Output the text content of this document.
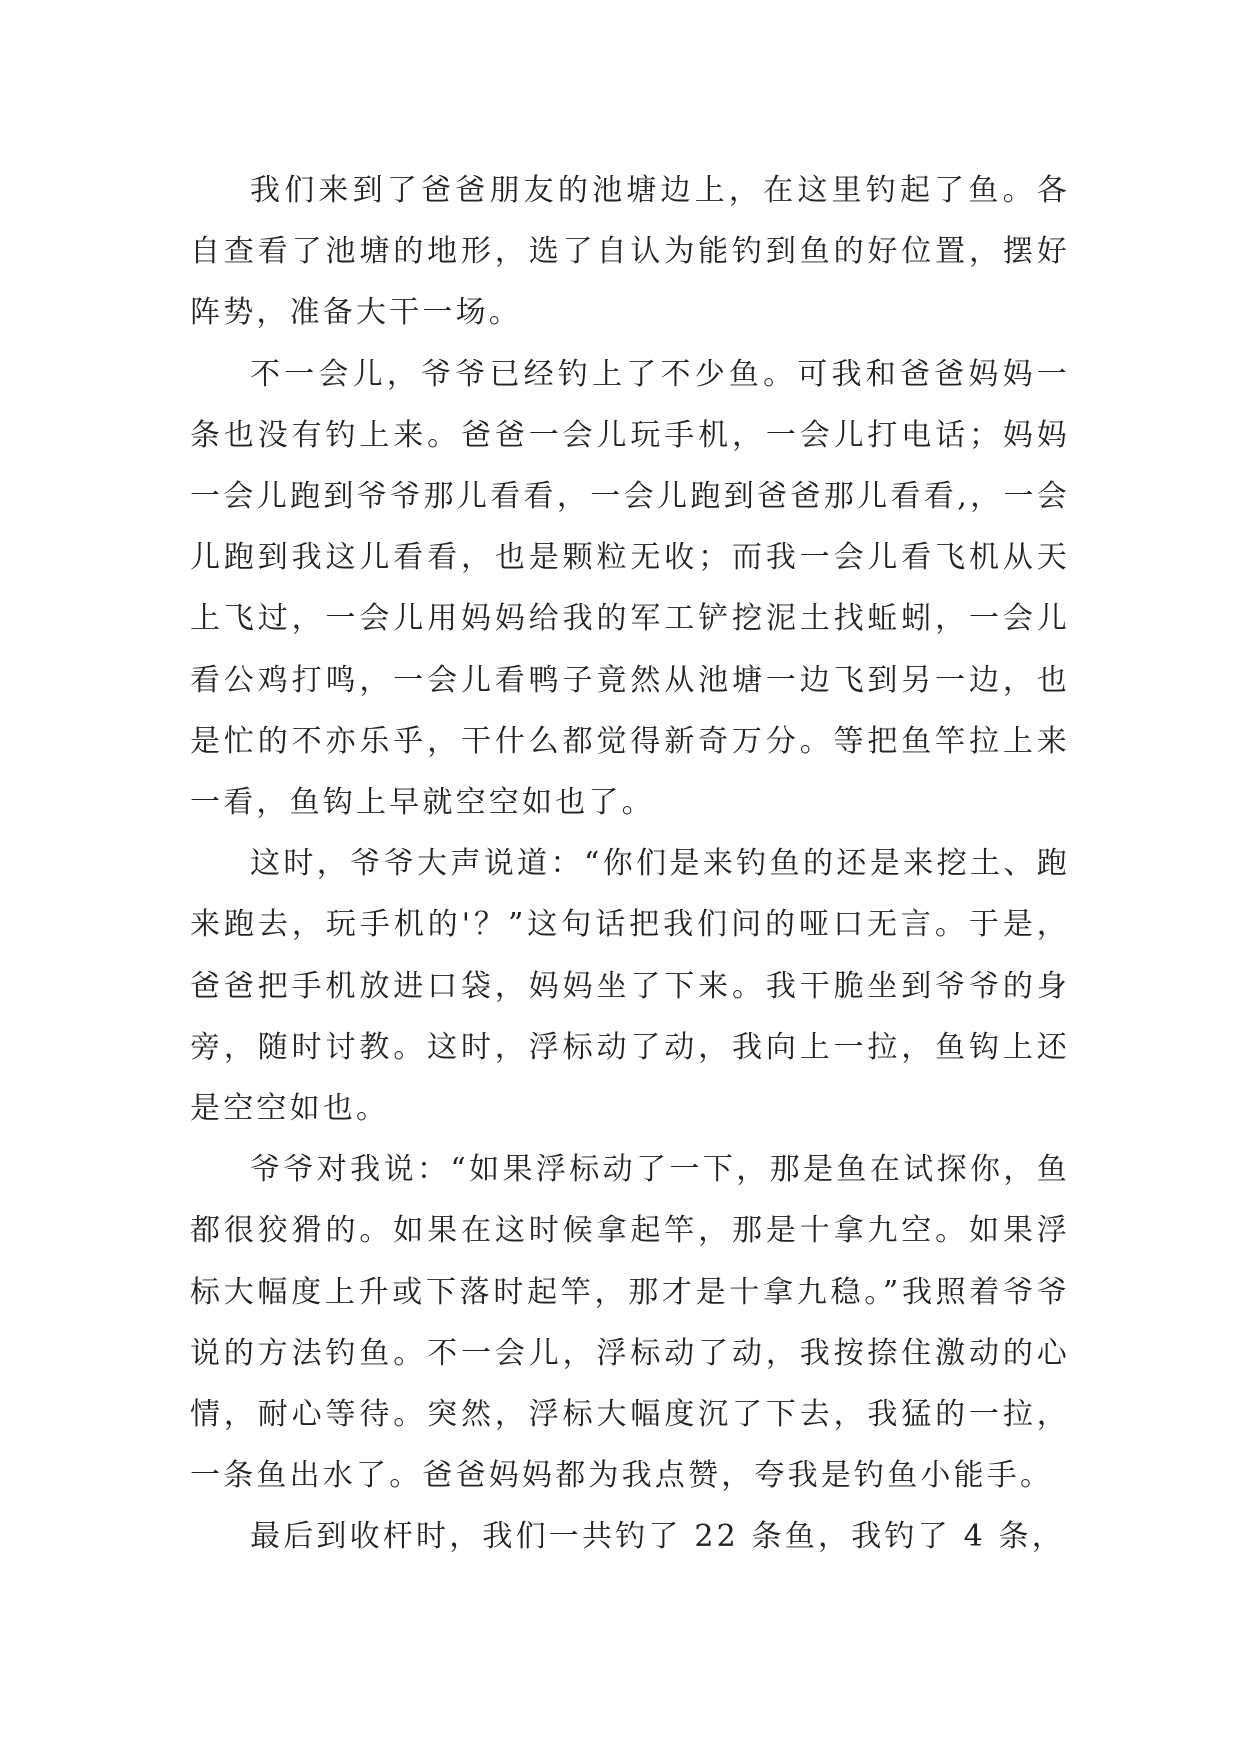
我们来到了爸爸朋友的池塘边上，在这里钓起了鱼。各自查看了池塘的地形，选了自认为能钓到鱼的好位置，摆好阵势，准备大干一场。

不一会儿，爷爷已经钓上了不少鱼。可我和爸爸妈妈一条也没有钓上来。爸爸一会儿玩手机，一会儿打电话；妈妈一会儿跑到爷爷那儿看看，一会儿跑到爸爸那儿看看,，一会儿跑到我这儿看看，也是颗粒无收；而我一会儿看飞机从天上飞过，一会儿用妈妈给我的军工铲挖泥土找蚯蚓，一会儿看公鸡打鸣，一会儿看鸭子竟然从池塘一边飞到另一边，也是忙的不亦乐乎，干什么都觉得新奇万分。等把鱼竿拉上来一看，鱼钩上早就空空如也了。

这时，爷爷大声说道：“你们是来钓鱼的还是来挖土、跑来跑去，玩手机的'？”这句话把我们问的哑口无言。于是，爸爸把手机放进口袋，妈妈坐了下来。我干脆坐到爷爷的身旁，随时讨教。这时，浮标动了动，我向上一拉，鱼钩上还是空空如也。

爷爷对我说：“如果浮标动了一下，那是鱼在试探你，鱼都很狡猾的。如果在这时候拿起竿，那是十拿九空。如果浮标大幅度上升或下落时起竿，那才是十拿九稳。”我照着爷爷说的方法钓鱼。不一会儿，浮标动了动，我按捺住激动的心情，耐心等待。突然，浮标大幅度沉了下去，我猛的一拉，一条鱼出水了。爸爸妈妈都为我点赞，夸我是钓鱼小能手。

最后到收杆时，我们一共钓了 22 条鱼，我钓了 4 条，
